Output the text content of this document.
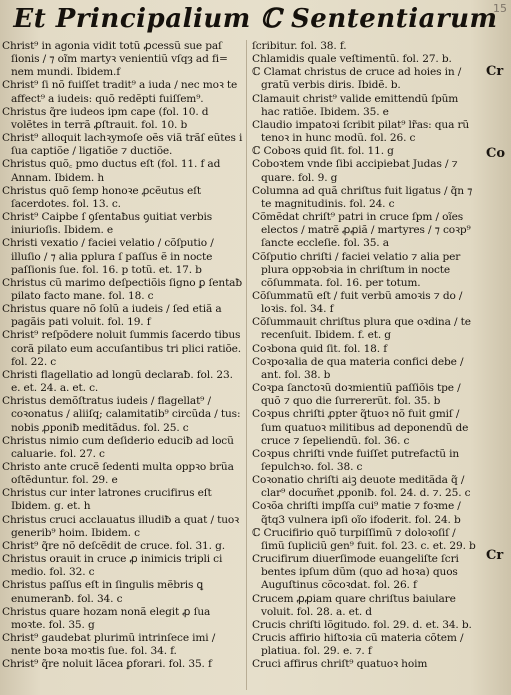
Et Principalium ℂ Sententiarum
15

Christ⁹ in agonia vidit totũ ꝓcessũ sue paſ ſionis / ⁊ oĩm martyꝛ venientiũ vſqȝ ad fi= nem mundi. Ibidem.f

Christ⁹ ſi nõ fuiſſet tradit⁹ a iuda / nec moꝛ te affect⁹ a iudeis: quõ redẽpti fuiſſem⁹.

Christus q̃re iudeos ipm cape (fol. 10. d volẽtes in terrã ꝓſtrauit. fol. 10. b

Christ⁹ alloquit lachꝛymoſe oẽs viã trãſ eũtes i ſua captiõe / ligatiõe ⁊ ductiõe.

Christus quõ꜀ pmo ductus eſt (fol. 11. f ad Annam. Ibidem. h

Christus quõ ſemp honoꝛe ꝓcẽutus eſt ſacerdotes. fol. 13. c.

Christ⁹ Caipbe ſ ꝯſentaƀus ꝯuitiat verbis iniurioſis. Ibidem. e

Christi vexatio / faciei velatio / cõſputio / illuſio / ⁊ alia pplura ſ paſſus ẽ in nocte paſſionis ſue. fol. 16. p totũ. et. 17. b

Christus cũ marimo deſpectiõis ſigno ꝑ ſentaƀ pilato facto mane. fol. 18. c

Christus quare nõ ſolũ a iudeis / ſed etiã a pagãis pati voluit. fol. 19. f

Christ⁹ reſpõdere noluit ſummis ſacerdo tibus corã pilato eum accuſantibus tri plici ratiõe. fol. 22. c

Christi flagellatio ad longũ declaraƀ. fol. 23. e. et. 24. a. et. c.

Christus demõſtratus iudeis / flagellat⁹ / coꝛonatus / aliiſq; calamitatib⁹ circũda / tus: nobis ꝓponiƀ meditãdus. fol. 25. c

Christus nimio cum deſiderio educiƀ ad locũ caluarie. fol. 27. c

Christo ante crucẽ ſedenti multa oppꝛo brũa oſtẽduntur. fol. 29. e

Christus cur inter latrones crucifirus eſt Ibidem. g. et. h

Christus cruci acclauatus illudiƀ a quat / tuoꝛ generib⁹ hoim. Ibidem. c

Christ⁹ q̃re nõ deſcẽdit de cruce. fol. 31. g.

Christus orauit in cruce ꝓ inimicis tripli ci medio. fol. 32. c

Christus paſſus eſt in ſingulis mẽbris ꝗ enumeranƀ. fol. 34. c

Christus quare hozam nonã elegit ꝓ ſua moꝛte. fol. 35. g

Christ⁹ gaudebat plurimũ intrinſece imi / nente boꝛa moꝛtis ſue. fol. 34. f.

Christ⁹ q̃re noluit lãcea ꝑforari. fol. 35. f

ſcribitur. fol. 38. f.

Chlamidis quale veſtimentũ. fol. 27. b.

ℂ Clamat christus de cruce ad hoies in / gratũ verbis diris. Ibidẽ. b.

Clamauit christ⁹ valide emittendũ ſpũm hac ratiõe. Ibidem. 35. e

Claudio impatoꝛi ſcribit pilat⁹ lr̃as: qua rũ tenoꝛ in hunc modũ. fol. 26. c

ℂ Coboꝛs quid ſit. fol. 11. g

Coboꝛtem vnde ſibi accipiebat Judas / ⁊ quare. fol. 9. g

Columna ad quã chriſtus fuit ligatus / q̃n ⁊ te magnitudinis. fol. 24. c

Cõmẽdat chriſt⁹ patri in cruce ſpm / oĩes electos / matrẽ ꝓꝓiã / martyres / ⁊ coꝛp⁹ ſancte eccleſie. fol. 35. a

Cõſputio chriſti / faciei velatio ⁊ alia per plura oppꝛobꝛia in chriſtum in nocte cõſummata. fol. 16. per totum.

Cõſummatũ eſt / fuit verbũ amoꝛis ⁊ do / loꝛis. fol. 34. f

Cõſummauit chriſtus plura que oꝛdina / te recenſuit. Ibidem. f. et. g

Coꝛbona quid ſit. fol. 18. f

Coꝛpoꝛalia de qua materia confici debe / ant. fol. 38. b

Coꝛpa ſanctoꝛũ doꝛmientiũ paſſiõis tpe / quõ ⁊ quo die ſurrererũt. fol. 35. b

Coꝛpus chriſti ꝓpter q̃tuoꝛ nõ fuit gmiſ / ſum quatuoꝛ militibus ad deponendũ de cruce ⁊ ſepeliendũ. fol. 36. c

Coꝛpus chriſti vnde fuiſſet putrefactũ in ſepulchꝛo. fol. 38. c

Coꝛonatio chriſti aiꝫ deuote meditãda q̃ / clar⁹ docum̃et ꝓponiƀ. fol. 24. d. ⁊. 25. c

Coꝛõa chriſti impſſa cui⁹ matie ⁊ foꝛme / q̃tq3 vulnera ipſi oĩo ifoderit. fol. 24. b

ℂ Crucifirio quõ turpiſſimũ ⁊ doloꝛoſiſ / ſimũ ſupliciũ gen⁹ fuit. fol. 23. c. et. 29. b

Crucifirum diuerſimode euangeliſte ſcri bentes ipſum dũm (quo ad hoꝛa) quos Auguſtinus cõcoꝛdat. fol. 26. f

Crucem ꝓꝓiam quare chriſtus baiulare voluit. fol. 28. a. et. d

Crucis chriſti lõgitudo. fol. 29. d. et. 34. b.

Crucis affirio hiſtoꝛia cũ materia cõtem / platiua. fol. 29. e. ⁊. f

Cruci affirus chriſt⁹ quatuoꝛ hoim

Cr
Co
Cr
